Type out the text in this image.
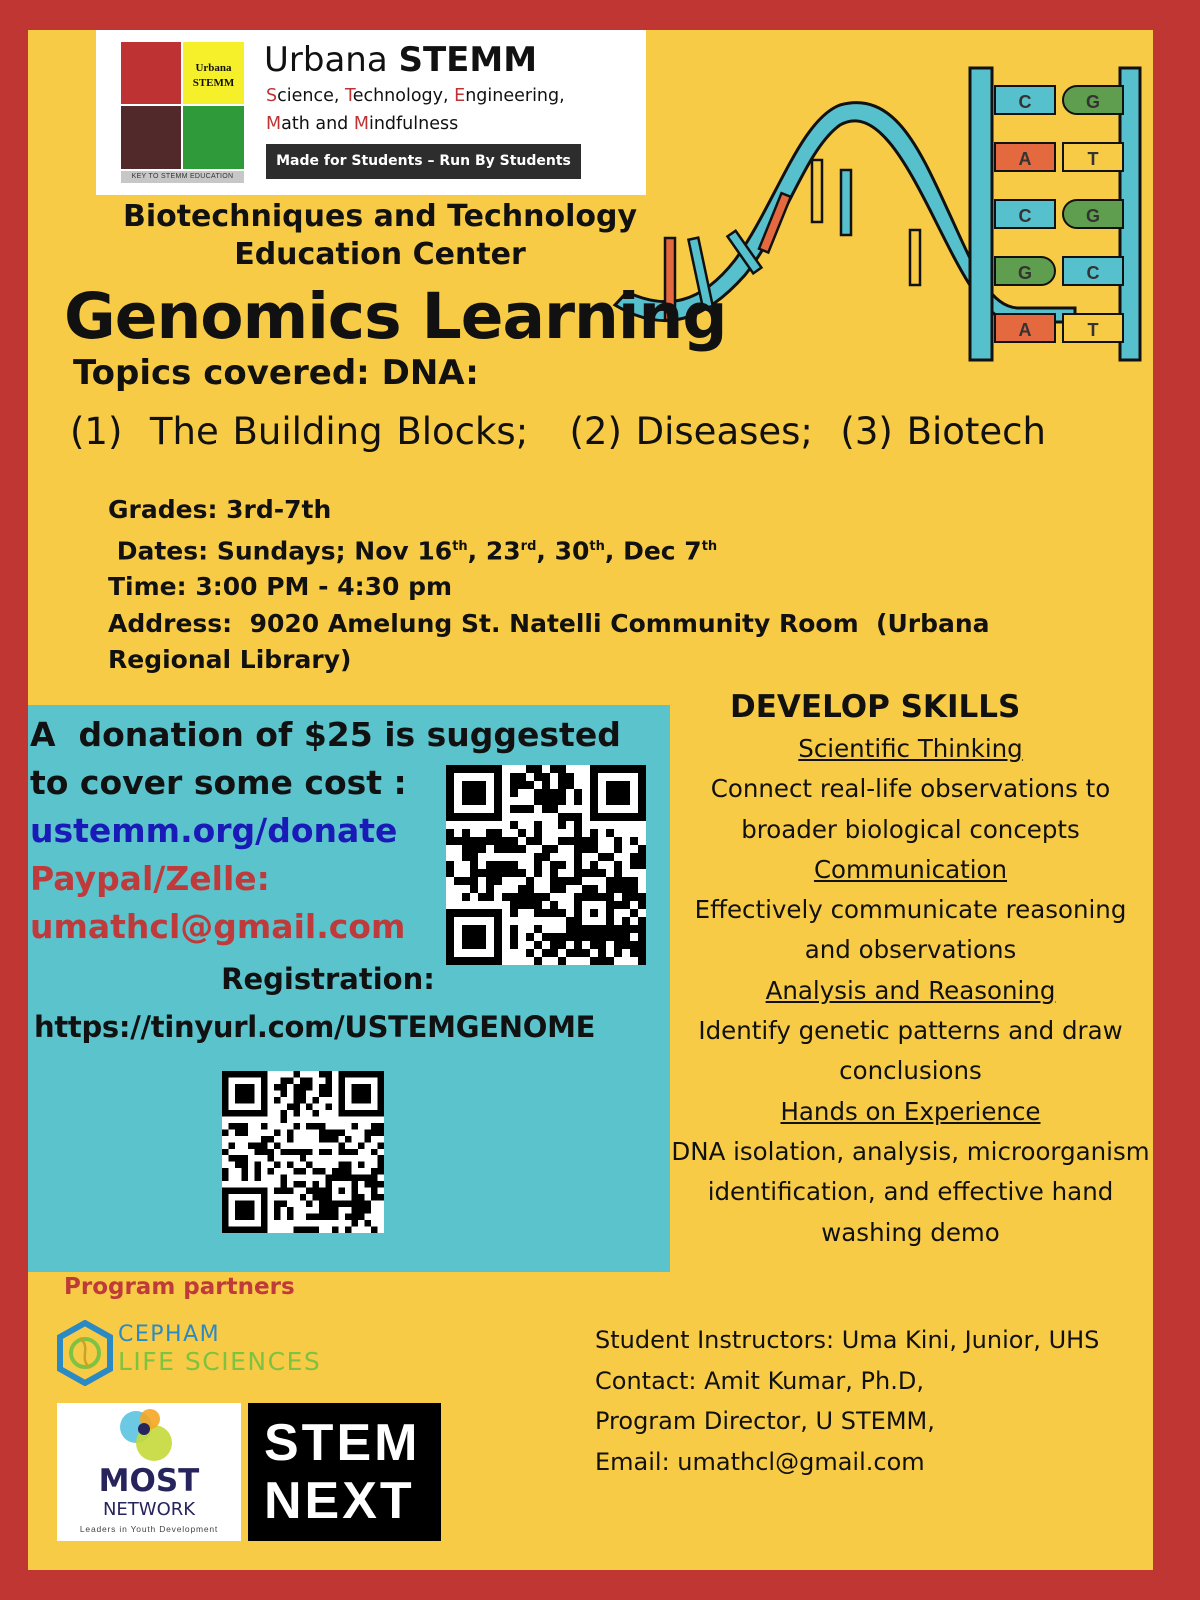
Urbana
STEMM
KEY TO STEMM EDUCATION
Urbana STEMM
Science, Technology, Engineering,
Math and Mindfulness
Made for Students – Run By Students
C	G
A	T
C	G
G	C
A	T
Biotechniques and Technology
Education Center
Genomics Learning
Topics covered: DNA:
(1)  The Building Blocks;   (2) Diseases;  (3) Biotech
Grades: 3rd-7th
Dates: Sundays; Nov 16th, 23rd, 30th, Dec 7th
Time: 3:00 PM - 4:30 pm
Address:  9020 Amelung St. Natelli Community Room  (Urbana
Regional Library)
A  donation of $25 is suggested
to cover some cost :
ustemm.org/donate
Paypal/Zelle:
umathcl@gmail.com
Registration:
https://tinyurl.com/USTEMGENOME
DEVELOP SKILLS
Scientific Thinking
Connect real-life observations to
broader biological concepts
Communication
Effectively communicate reasoning
and observations
Analysis and Reasoning
Identify genetic patterns and draw
conclusions
Hands on Experience
DNA isolation, analysis, microorganism
identification, and effective hand
washing demo
Program partners
CEPHAM
LIFE SCIENCES
MOST
NETWORK
Leaders in Youth Development
STEM
NEXT
Student Instructors: Uma Kini, Junior, UHS
Contact: Amit Kumar, Ph.D,
Program Director, U STEMM,
Email: umathcl@gmail.com
